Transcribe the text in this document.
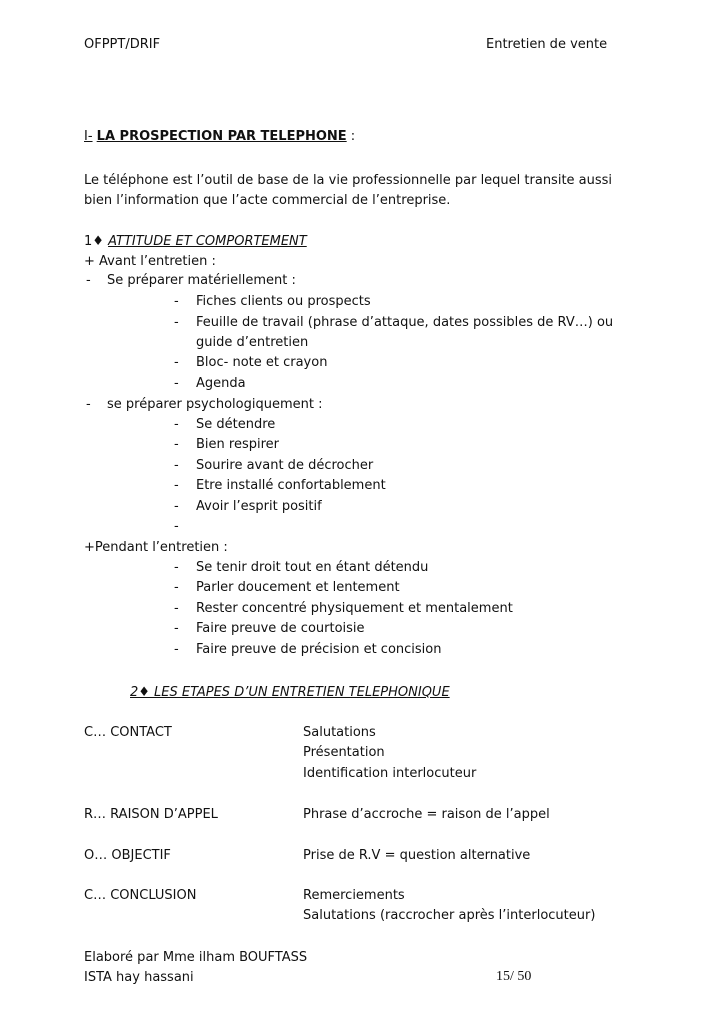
OFPPT/DRIF	Entretien de vente
I- LA PROSPECTION PAR TELEPHONE :
Le téléphone est l’outil de base de la vie professionnelle par lequel transite aussi
bien l’information que l’acte commercial de l’entreprise.
1♦ ATTITUDE ET COMPORTEMENT
+ Avant l’entretien :
-	Se préparer matériellement :
-	Fiches clients ou prospects
-	Feuille de travail (phrase d’attaque, dates possibles de RV…) ou
guide d’entretien
-	Bloc- note et crayon
-	Agenda
-	se préparer psychologiquement :
-	Se détendre
-	Bien respirer
-	Sourire avant de décrocher
-	Etre installé confortablement
-	Avoir l’esprit positif
-
+Pendant l’entretien :
-	Se tenir droit tout en étant détendu
-	Parler doucement et lentement
-	Rester concentré physiquement et mentalement
-	Faire preuve de courtoisie
-	Faire preuve de précision et concision
2♦ LES ETAPES D’UN ENTRETIEN TELEPHONIQUE
C… CONTACT	Salutations
Présentation
Identification interlocuteur
R… RAISON D’APPEL	Phrase d’accroche = raison de l’appel
O… OBJECTIF	Prise de R.V = question alternative
C… CONCLUSION	Remerciements
Salutations (raccrocher après l’interlocuteur)
Elaboré par Mme ilham BOUFTASS
ISTA hay hassani	15/ 50
